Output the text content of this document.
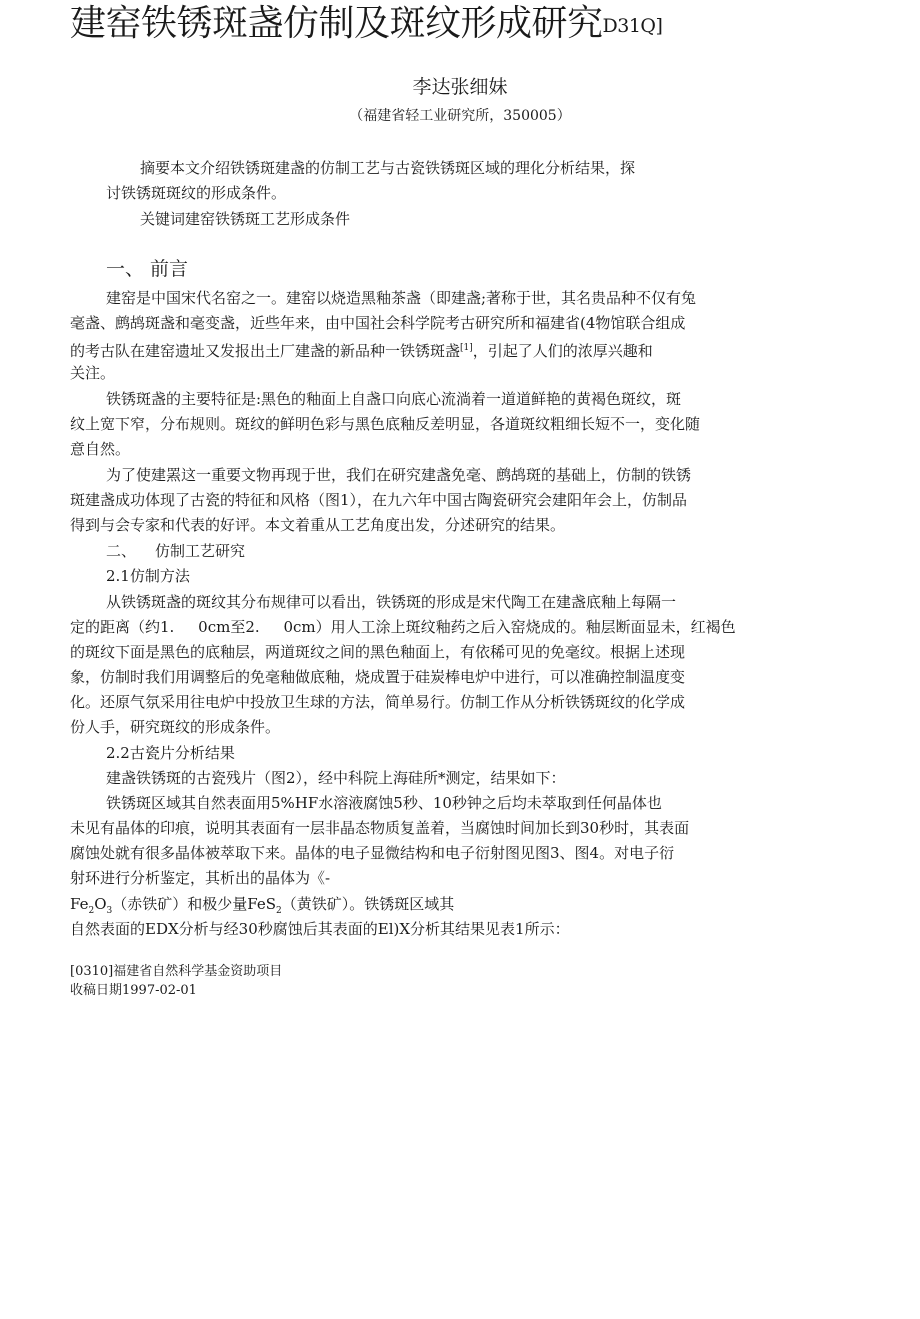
建窑铁锈斑盏仿制及斑纹形成研究$^{D31Q]}$
李达张细妹
（福建省轻工业研究所，350005）
摘要本文介绍铁锈斑建盏的仿制工艺与古瓷铁锈斑区域的理化分析结果，探
讨铁锈斑斑纹的形成条件。
关键词建窑铁锈斑工艺形成条件
一、 前言
建窑是中国宋代名窑之一。建窑以烧造黑釉茶盏（即建盏;著称于世，其名贵品种不仅有兔
毫盏、鹧鸪斑盏和毫变盏，近些年来，由中国社会科学院考古研究所和福建省(4物馆联合组成
的考古队在建窑遗址又发报出土厂建盏的新品种一铁锈斑盏[1]，引起了人们的浓厚兴趣和
关注。
铁锈斑盏的主要特征是:黑色的釉面上自盏口向底心流淌着一道道鲜艳的黄褐色斑纹，斑
纹上宽下窄，分布规则。斑纹的鲜明色彩与黑色底釉反差明显，各道斑纹粗细长短不一，变化随
意自然。
为了使建罴这一重要文物再现于世，我们在研究建盏免毫、鹧鸪斑的基础上，仿制的铁锈
斑建盏成功体现了古瓷的特征和风格（图1），在九六年中国古陶瓷研究会建阳年会上，仿制品
得到与会专家和代表的好评。本文着重从工艺角度出发，分述研究的结果。
二、 仿制工艺研究
2.1仿制方法
从铁锈斑盏的斑纹其分布规律可以看出，铁锈斑的形成是宋代陶工在建盏底釉上每隔一
定的距离（约1.     0cm至2.     0cm）用人工涂上斑纹釉药之后入窑烧成的。釉层断面显未，红褐色
的斑纹下面是黑色的底釉层，两道斑纹之间的黑色釉面上，有依稀可见的免毫纹。根据上述现
象，仿制时我们用调整后的免毫釉做底釉，烧成置于硅炭棒电炉中进行，可以准确控制温度变
化。还原气氛采用往电炉中投放卫生球的方法，简单易行。仿制工作从分析铁锈斑纹的化学成
份人手，研究斑纹的形成条件。
2.2古瓷片分析结果
建盏铁锈斑的古瓷残片（图2），经中科院上海硅所*测定，结果如下：
铁锈斑区域其自然表面用5%HF水溶液腐蚀5秒、10秒钟之后均未萃取到任何晶体也
未见有晶体的印痕，说明其表面有一层非晶态物质复盖着，当腐蚀时间加长到30秒时，其表面
腐蚀处就有很多晶体被萃取下来。晶体的电子显微结构和电子衍射图见图3、图4。对电子衍
射环进行分析鉴定，其析出的晶体为《-
$Fe_2O_3$（赤铁矿）和极少量FeS$_2$（黄铁矿）。铁锈斑区域其
自然表面的EDX分析与经30秒腐蚀后其表面的El)X分析其结果见表1所示：
[0310]福建省自然科学基金资助项目
收稿日期1997-02-01
